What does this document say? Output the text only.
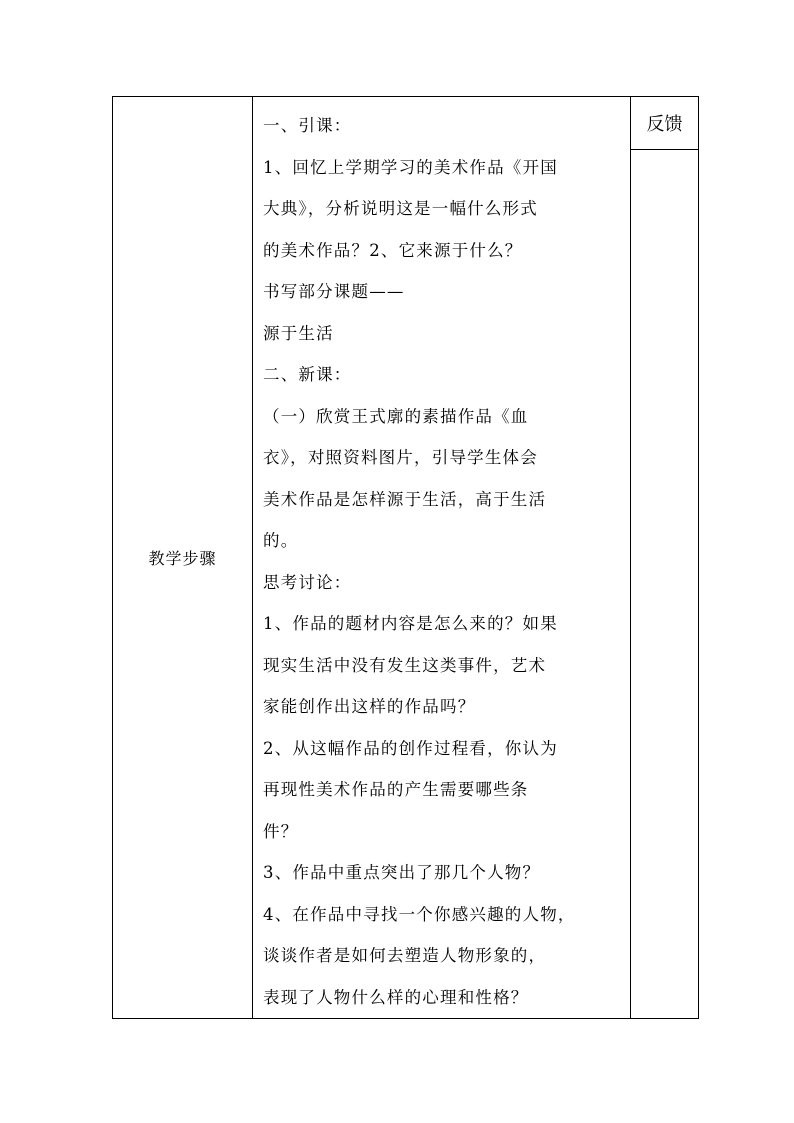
教学步骤	
一、引课：
1、回忆上学期学习的美术作品《开国
大典》，分析说明这是一幅什么形式
的美术作品？2、它来源于什么？
书写部分课题——
源于生活
二、新课：
（一）欣赏王式廓的素描作品《血
衣》，对照资料图片，引导学生体会
美术作品是怎样源于生活，高于生活
的。
思考讨论：
1、作品的题材内容是怎么来的？如果
现实生活中没有发生这类事件，艺术
家能创作出这样的作品吗？
2、从这幅作品的创作过程看，你认为
再现性美术作品的产生需要哪些条
件？
3、作品中重点突出了那几个人物？
4、在作品中寻找一个你感兴趣的人物，
谈谈作者是如何去塑造人物形象的，
表现了人物什么样的心理和性格？

反馈
